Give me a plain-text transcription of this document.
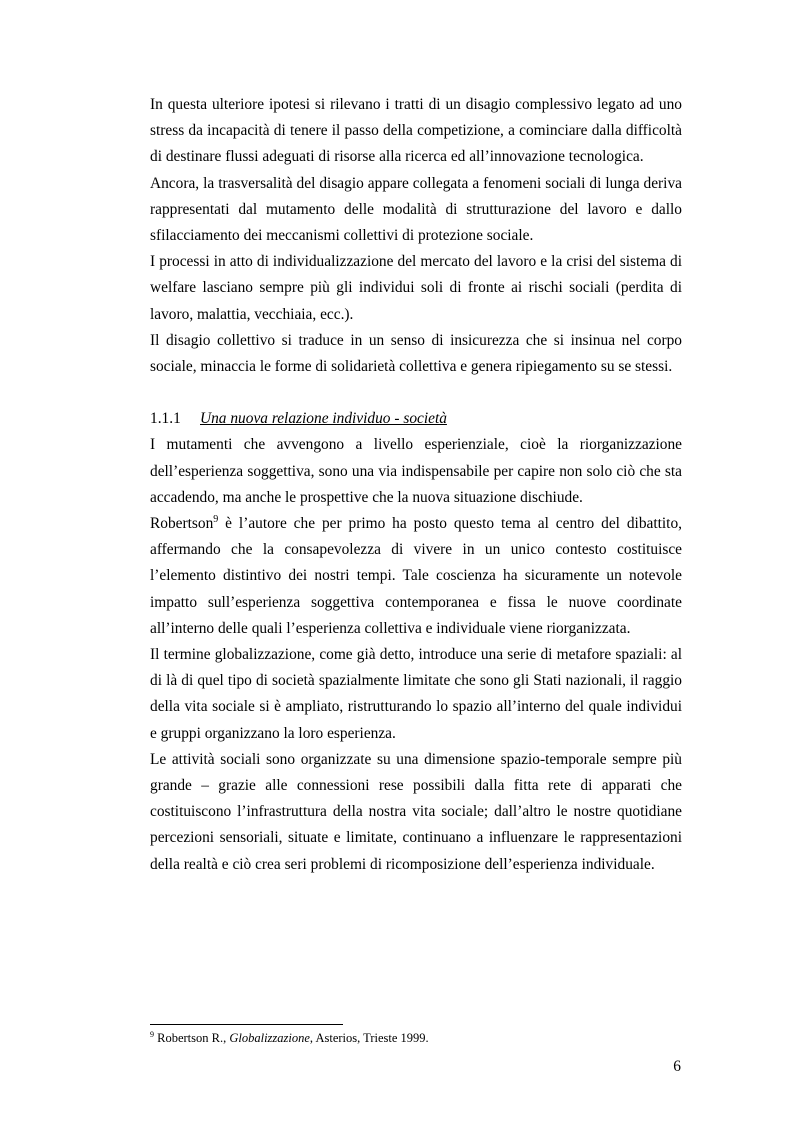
In questa ulteriore ipotesi si rilevano i tratti di un disagio complessivo legato ad uno stress da incapacità di tenere il passo della competizione, a cominciare dalla difficoltà di destinare flussi adeguati di risorse alla ricerca ed all’innovazione tecnologica.

Ancora, la trasversalità del disagio appare collegata a fenomeni sociali di lunga deriva rappresentati dal mutamento delle modalità di strutturazione del lavoro e dallo sfilacciamento dei meccanismi collettivi di protezione sociale.

I processi in atto di individualizzazione del mercato del lavoro e la crisi del sistema di welfare lasciano sempre più gli individui soli di fronte ai rischi sociali (perdita di lavoro, malattia, vecchiaia, ecc.).

Il disagio collettivo si traduce in un senso di insicurezza che si insinua nel corpo sociale, minaccia le forme di solidarietà collettiva e genera ripiegamento su se stessi.

1.1.1 Una nuova relazione individuo - società

I mutamenti che avvengono a livello esperienziale, cioè la riorganizzazione dell’esperienza soggettiva, sono una via indispensabile per capire non solo ciò che sta accadendo, ma anche le prospettive che la nuova situazione dischiude.

Robertson$^9$ è l’autore che per primo ha posto questo tema al centro del dibattito, affermando che la consapevolezza di vivere in un unico contesto costituisce l’elemento distintivo dei nostri tempi. Tale coscienza ha sicuramente un notevole impatto sull’esperienza soggettiva contemporanea e fissa le nuove coordinate all’interno delle quali l’esperienza collettiva e individuale viene riorganizzata.

Il termine globalizzazione, come già detto, introduce una serie di metafore spaziali: al di là di quel tipo di società spazialmente limitate che sono gli Stati nazionali, il raggio della vita sociale si è ampliato, ristrutturando lo spazio all’interno del quale individui e gruppi organizzano la loro esperienza.

Le attività sociali sono organizzate su una dimensione spazio-temporale sempre più grande – grazie alle connessioni rese possibili dalla fitta rete di apparati che costituiscono l’infrastruttura della nostra vita sociale; dall’altro le nostre quotidiane percezioni sensoriali, situate e limitate, continuano a influenzare le rappresentazioni della realtà e ciò crea seri problemi di ricomposizione dell’esperienza individuale.

$^9$ Robertson R., Globalizzazione, Asterios, Trieste 1999.
6
